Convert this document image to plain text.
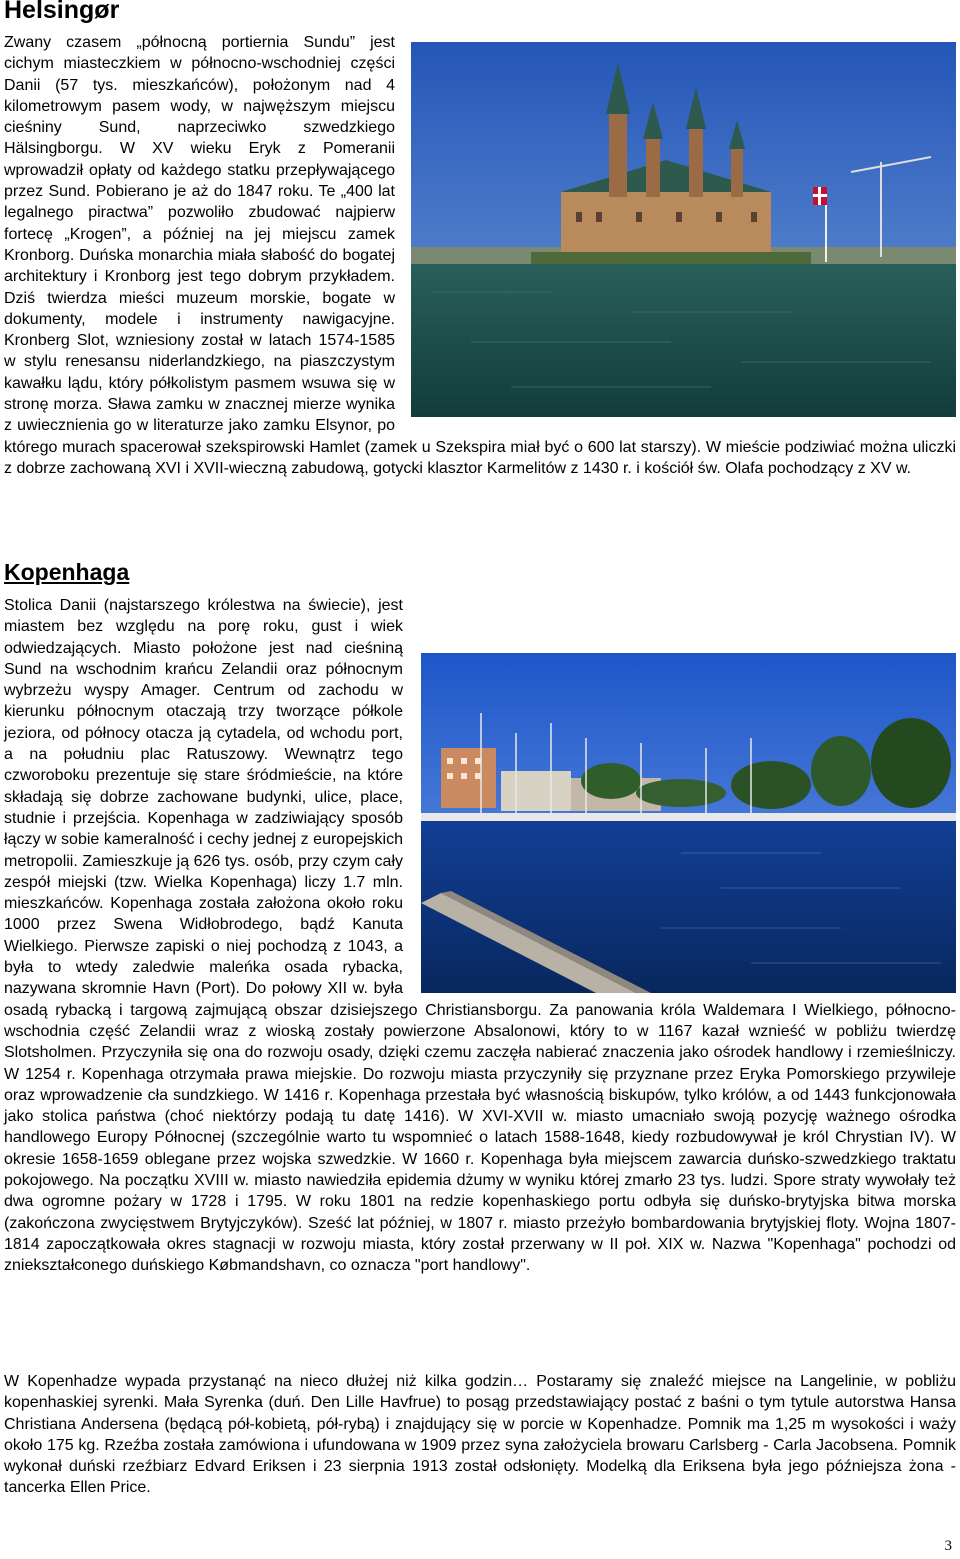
Helsingør
Zwany czasem „północną portiernia Sundu” jest cichym miasteczkiem w północno-wschodniej części Danii (57 tys. mieszkańców), położonym nad 4 kilometrowym pasem wody, w najwęższym miejscu cieśniny Sund, naprzeciwko szwedzkiego Hälsingborgu. W XV wieku Eryk z Pomeranii wprowadził opłaty od każdego statku przepływającego przez Sund. Pobierano je aż do 1847 roku. Te „400 lat legalnego piractwa” pozwoliło zbudować najpierw fortecę „Krogen”, a później na jej miejscu zamek Kronborg. Duńska monarchia miała słabość do bogatej architektury i Kronborg jest tego dobrym przykładem. Dziś twierdza mieści muzeum morskie, bogate w dokumenty, modele i instrumenty nawigacyjne. Kronberg Slot, wzniesiony został w latach 1574-1585 w stylu renesansu niderlandzkiego, na piaszczystym kawałku lądu, który półkolistym pasmem wsuwa się w stronę morza. Sława zamku w znacznej mierze wynika z uwiecznienia go w literaturze jako zamku Elsynor, po którego murach spacerował szekspirowski Hamlet (zamek u Szekspira miał być o 600 lat starszy). W mieście podziwiać można uliczki z dobrze zachowaną XVI i XVII-wieczną zabudową, gotycki klasztor Karmelitów z 1430 r. i kościół św. Olafa pochodzący z XV w.
Kopenhaga
Stolica Danii (najstarszego królestwa na świecie), jest miastem bez względu na porę roku, gust i wiek odwiedzających. Miasto położone jest nad cieśniną Sund na wschodnim krańcu Zelandii oraz północnym wybrzeżu wyspy Amager. Centrum od zachodu w kierunku północnym otaczają trzy tworzące półkole jeziora, od północy otacza ją cytadela, od wchodu port, a na południu plac Ratuszowy. Wewnątrz tego czworoboku prezentuje się stare śródmieście, na które składają się dobrze zachowane budynki, ulice, place, studnie i przejścia. Kopenhaga w zadziwiający sposób łączy w sobie kameralność i cechy jednej z europejskich metropolii. Zamieszkuje ją 626 tys. osób, przy czym cały zespół miejski (tzw. Wielka Kopenhaga) liczy 1.7 mln. mieszkańców. Kopenhaga została założona około roku 1000 przez Swena Widłobrodego, bądź Kanuta Wielkiego. Pierwsze zapiski o niej pochodzą z 1043, a była to wtedy zaledwie maleńka osada rybacka, nazywana skromnie Havn (Port). Do połowy XII w. była osadą rybacką i targową zajmującą obszar dzisiejszego Christiansborgu. Za panowania króla Waldemara I Wielkiego, północno-wschodnia część Zelandii wraz z wioską zostały powierzone Absalonowi, który to w 1167 kazał wznieść w pobliżu twierdzę Slotsholmen. Przyczyniła się ona do rozwoju osady, dzięki czemu zaczęła nabierać znaczenia jako ośrodek handlowy i rzemieślniczy. W 1254 r. Kopenhaga otrzymała prawa miejskie. Do rozwoju miasta przyczyniły się przyznane przez Eryka Pomorskiego przywileje oraz wprowadzenie cła sundzkiego. W 1416 r. Kopenhaga przestała być własnością biskupów, tylko królów, a od 1443 funkcjonowała jako stolica państwa (choć niektórzy podają tu datę 1416). W XVI-XVII w. miasto umacniało swoją pozycję ważnego ośrodka handlowego Europy Północnej (szczególnie warto tu wspomnieć o latach 1588-1648, kiedy rozbudowywał je król Chrystian IV). W okresie 1658-1659 oblegane przez wojska szwedzkie. W 1660 r. Kopenhaga była miejscem zawarcia duńsko-szwedzkiego traktatu pokojowego. Na początku XVIII w. miasto nawiedziła epidemia dżumy w wyniku której zmarło 23 tys. ludzi. Spore straty wywołały też dwa ogromne pożary w 1728 i 1795. W roku 1801 na redzie kopenhaskiego portu odbyła się duńsko-brytyjska bitwa morska (zakończona zwycięstwem Brytyjczyków). Sześć lat później, w 1807 r. miasto przeżyło bombardowania brytyjskiej floty. Wojna 1807-1814 zapoczątkowała okres stagnacji w rozwoju miasta, który został przerwany w II poł. XIX w. Nazwa "Kopenhaga" pochodzi od zniekształconego duńskiego Købmandshavn, co oznacza "port handlowy".
W Kopenhadze wypada przystanąć na nieco dłużej niż kilka godzin… Postaramy się znaleźć miejsce na Langelinie, w pobliżu kopenhaskiej syrenki. Mała Syrenka (duń. Den Lille Havfrue) to posąg przedstawiający postać z baśni o tym tytule autorstwa Hansa Christiana Andersena (będącą pół-kobietą, pół-rybą) i znajdujący się w porcie w Kopenhadze. Pomnik ma 1,25 m wysokości i waży około 175 kg. Rzeźba została zamówiona i ufundowana w 1909 przez syna założyciela browaru Carlsberg - Carla Jacobsena. Pomnik wykonał duński rzeźbiarz Edvard Eriksen i 23 sierpnia 1913 został odsłonięty. Modelką dla Eriksena była jego późniejsza żona - tancerka Ellen Price.
3
